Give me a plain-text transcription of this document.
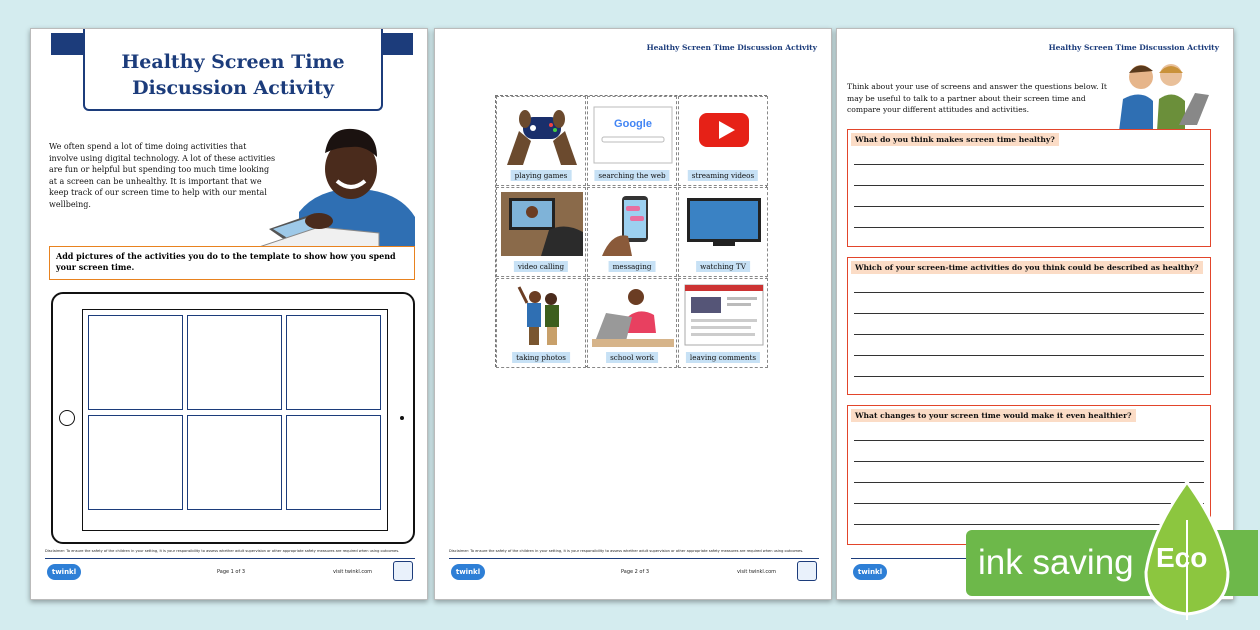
Healthy Screen Time
Discussion Activity
We often spend a lot of time doing activities that involve using digital technology. A lot of these activities are fun or helpful but spending too much time looking at a screen can be unhealthy. It is important that we keep track of our screen time to help with our mental wellbeing.
Add pictures of the activities you do to the template to show how you spend your screen time.
Disclaimer: To ensure the safety of the children in your setting, it is your responsibility to assess whether adult supervision or other appropriate safety measures are required when using outcomes.
twinkl	Page 1 of 3	visit twinkl.com
Healthy Screen Time Discussion Activity
playing games
Google
searching the web	streaming videos
video calling	messaging	watching TV
taking photos	school work	leaving comments
Disclaimer: To ensure the safety of the children in your setting, it is your responsibility to assess whether adult supervision or other appropriate safety measures are required when using outcomes.
twinkl	Page 2 of 3	visit twinkl.com
Healthy Screen Time Discussion Activity
Think about your use of screens and answer the questions below. It may be useful to talk to a partner about their screen time and compare your different attitudes and activities.
What do you think makes screen time healthy?
Which of your screen-time activities do you think could be described as healthy?
What changes to your screen time would make it even healthier?
twinkl	ink saving Eco
